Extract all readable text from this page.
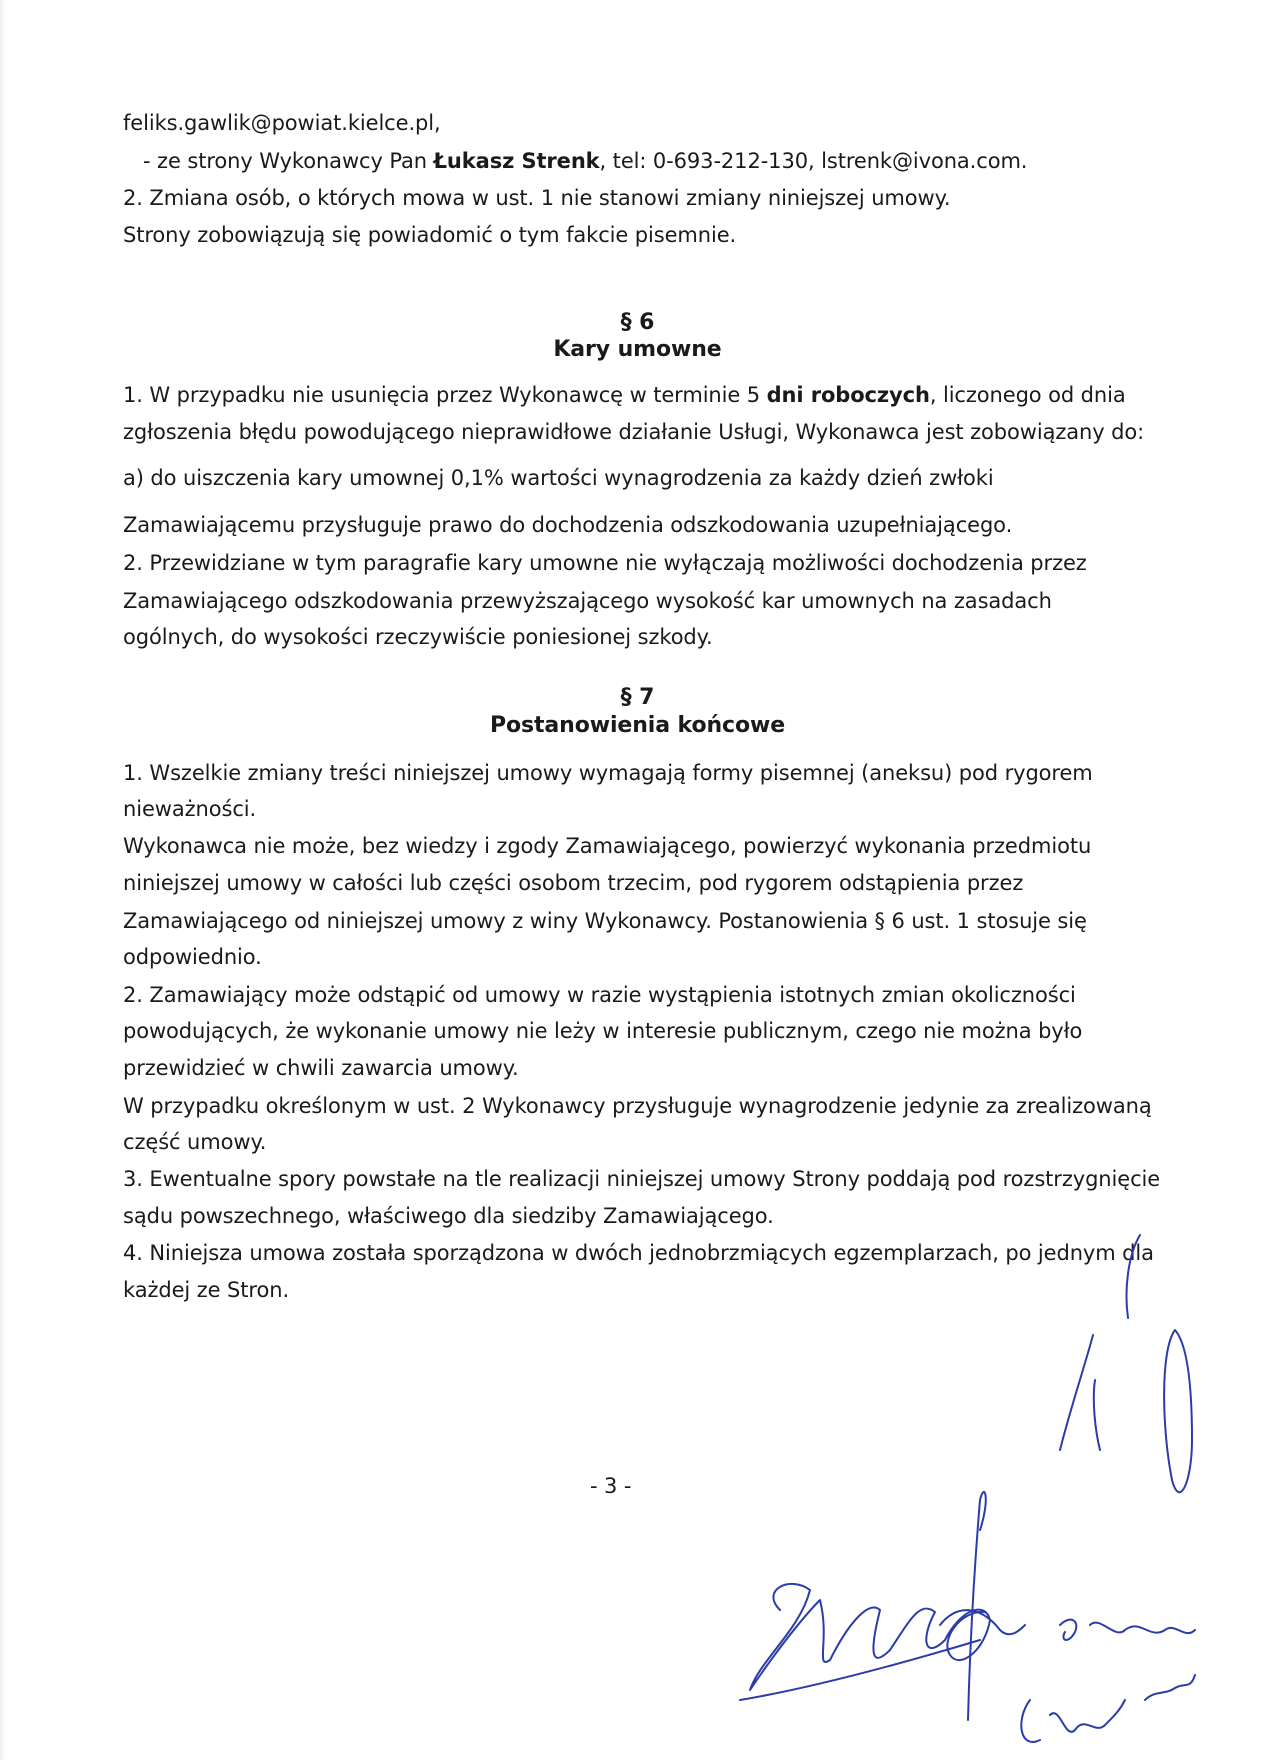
feliks.gawlik@powiat.kielce.pl,
- ze strony Wykonawcy Pan Łukasz Strenk, tel: 0-693-212-130, lstrenk@ivona.com.
2. Zmiana osób, o których mowa w ust. 1 nie stanowi zmiany niniejszej umowy.
Strony zobowiązują się powiadomić o tym fakcie pisemnie.
§ 6
Kary umowne
1. W przypadku nie usunięcia przez Wykonawcę w terminie 5 dni roboczych, liczonego od dnia
zgłoszenia błędu powodującego nieprawidłowe działanie Usługi, Wykonawca jest zobowiązany do:
a) do uiszczenia kary umownej 0,1% wartości wynagrodzenia za każdy dzień zwłoki
Zamawiającemu przysługuje prawo do dochodzenia odszkodowania uzupełniającego.
2. Przewidziane w tym paragrafie kary umowne nie wyłączają możliwości dochodzenia przez
Zamawiającego odszkodowania przewyższającego wysokość kar umownych na zasadach
ogólnych, do wysokości rzeczywiście poniesionej szkody.
§ 7
Postanowienia końcowe
1. Wszelkie zmiany treści niniejszej umowy wymagają formy pisemnej (aneksu) pod rygorem
nieważności.
Wykonawca nie może, bez wiedzy i zgody Zamawiającego, powierzyć wykonania przedmiotu
niniejszej umowy w całości lub części osobom trzecim, pod rygorem odstąpienia przez
Zamawiającego od niniejszej umowy z winy Wykonawcy. Postanowienia § 6 ust. 1 stosuje się
odpowiednio.
2. Zamawiający może odstąpić od umowy w razie wystąpienia istotnych zmian okoliczności
powodujących, że wykonanie umowy nie leży w interesie publicznym, czego nie można było
przewidzieć w chwili zawarcia umowy.
W przypadku określonym w ust. 2 Wykonawcy przysługuje wynagrodzenie jedynie za zrealizowaną
część umowy.
3. Ewentualne spory powstałe na tle realizacji niniejszej umowy Strony poddają pod rozstrzygnięcie
sądu powszechnego, właściwego dla siedziby Zamawiającego.
4. Niniejsza umowa została sporządzona w dwóch jednobrzmiących egzemplarzach, po jednym dla
każdej ze Stron.
- 3 -
